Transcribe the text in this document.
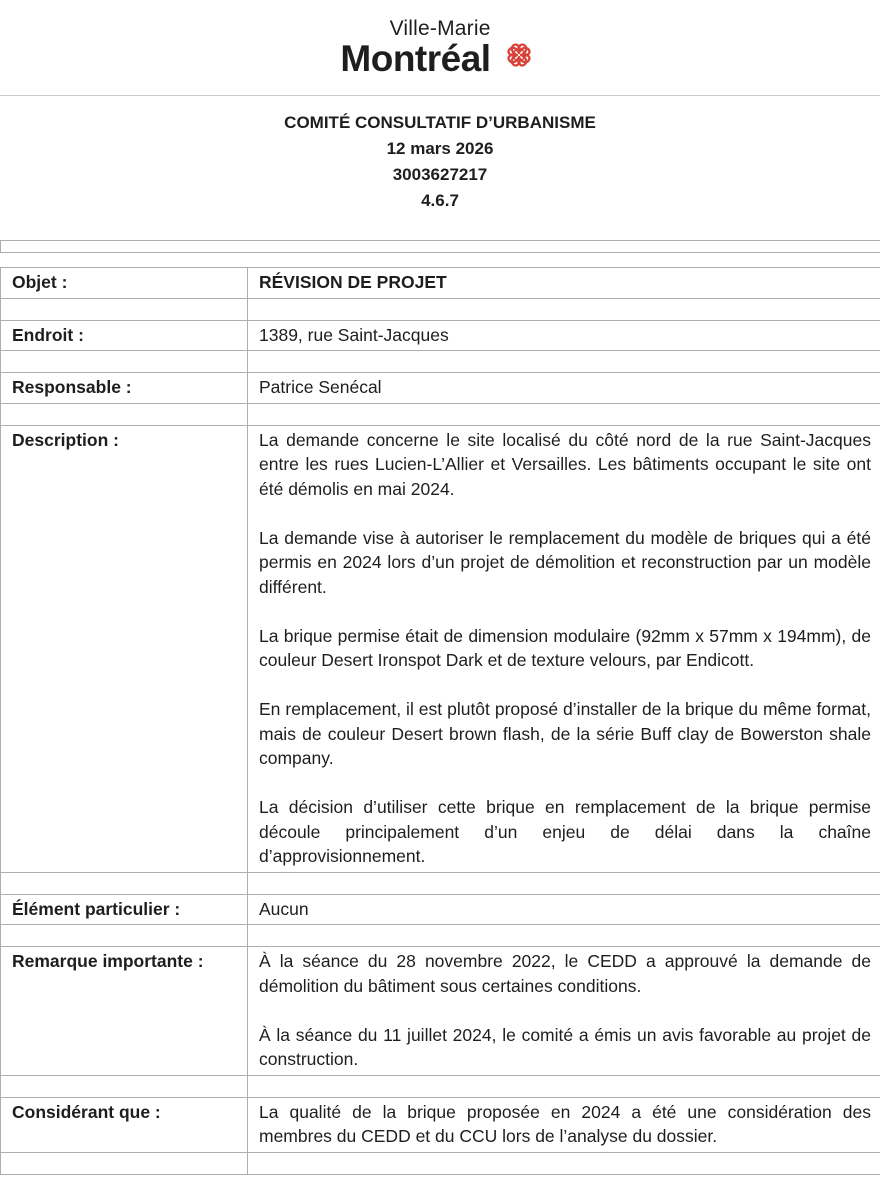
Ville-Marie
Montréal
COMITÉ CONSULTATIF D’URBANISME
12 mars 2026
3003627217
4.6.7
Objet :	RÉVISION DE PROJET

Endroit :	1389, rue Saint-Jacques

Responsable :	Patrice Senécal

Description :	La demande concerne le site localisé du côté nord de la rue Saint-Jacques entre les rues Lucien-L’Allier et Versailles. Les bâtiments occupant le site ont été démolis en mai 2024.

La demande vise à autoriser le remplacement du modèle de briques qui a été permis en 2024 lors d’un projet de démolition et reconstruction par un modèle différent.

La brique permise était de dimension modulaire (92mm x 57mm x 194mm), de couleur Desert Ironspot Dark et de texture velours, par Endicott.

En remplacement, il est plutôt proposé d’installer de la brique du même format, mais de couleur Desert brown flash, de la série Buff clay de Bowerston shale company.

La décision d’utiliser cette brique en remplacement de la brique permise découle principalement d’un enjeu de délai dans la chaîne d’approvisionnement.

Élément particulier :	Aucun

Remarque importante :	À la séance du 28 novembre 2022, le CEDD a approuvé la demande de démolition du bâtiment sous certaines conditions.

À la séance du 11 juillet 2024, le comité a émis un avis favorable au projet de construction.

Considérant que :	La qualité de la brique proposée en 2024 a été une considération des membres du CEDD et du CCU lors de l’analyse du dossier.
